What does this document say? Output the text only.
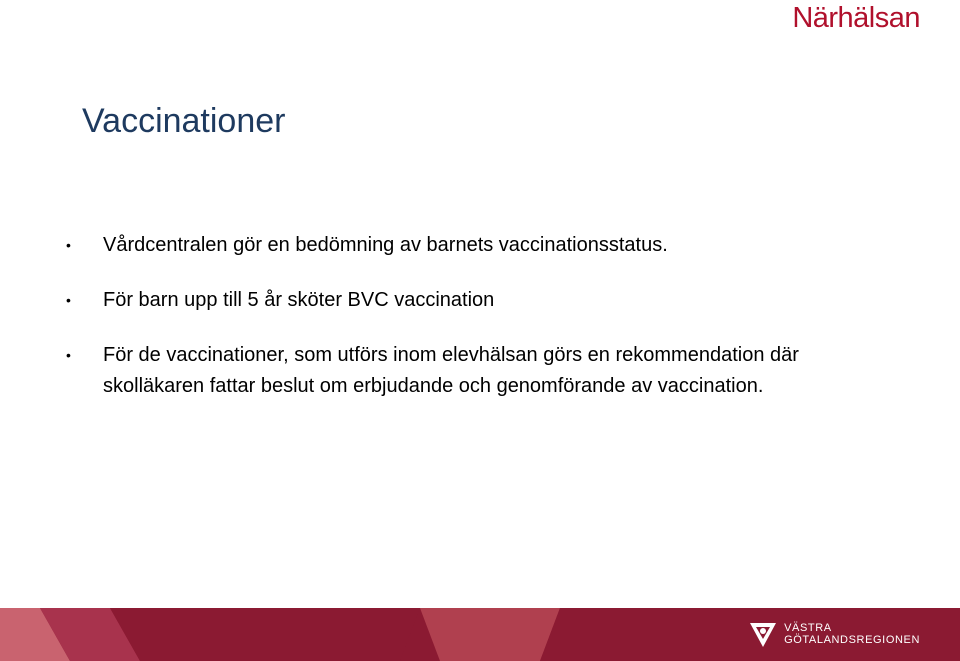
Närhälsan
Vaccinationer
• Vårdcentralen gör en bedömning av barnets vaccinationsstatus.
• För barn upp till 5 år sköter BVC vaccination
• För de vaccinationer, som utförs inom elevhälsan görs en rekommendation där skolläkaren fattar beslut om erbjudande och genomförande av vaccination.
VÄSTRA
GÖTALANDSREGIONEN
